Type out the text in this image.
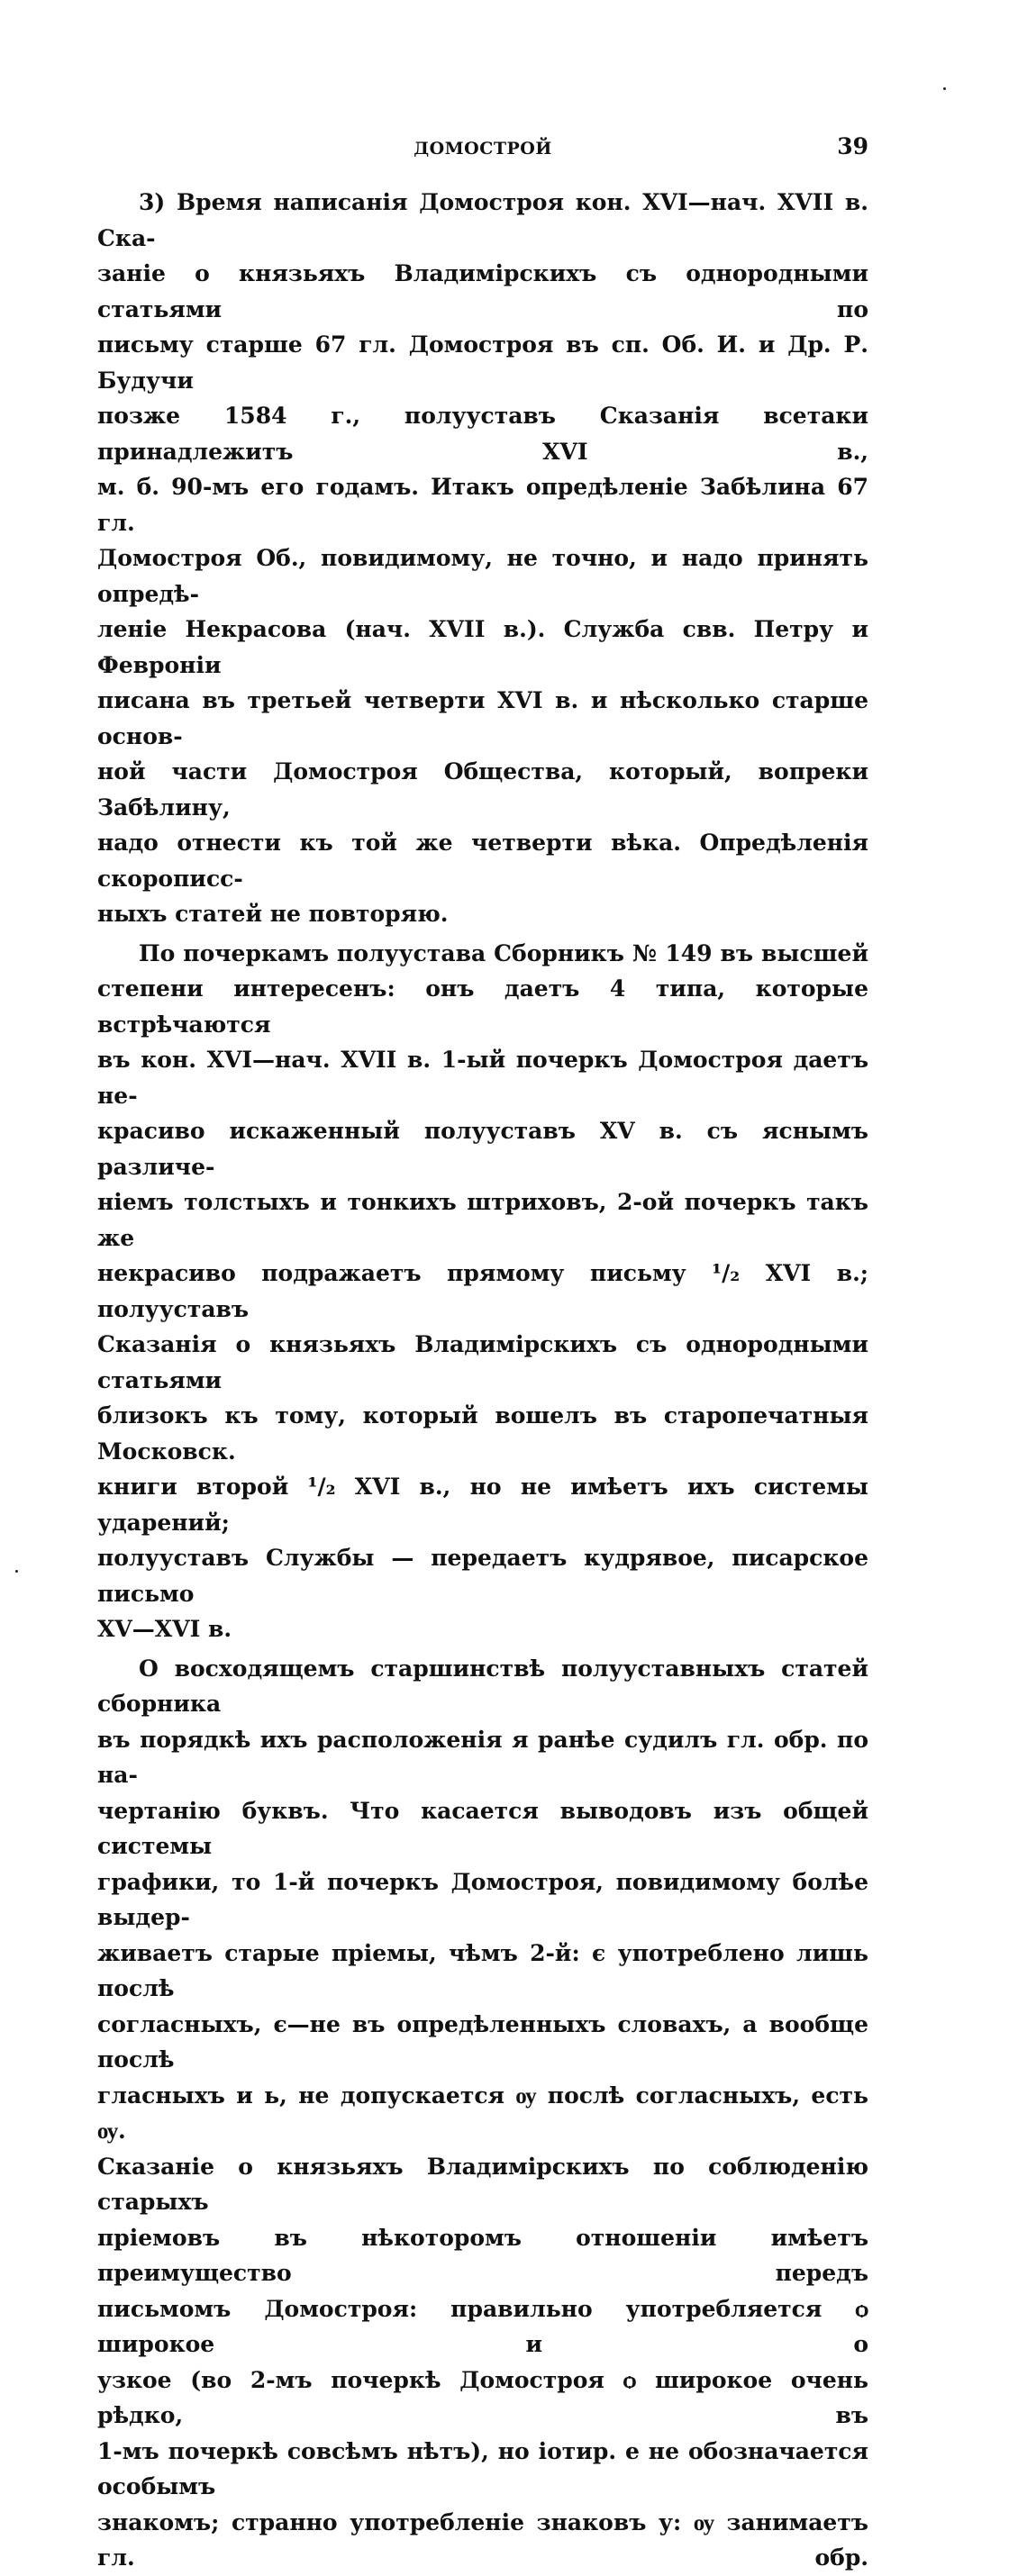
ДОМОСТРОЙ	39

3) Время написанія Домостроя кон. XVI—нач. XVII в. Ска-

заніе о князьяхъ Владимірскихъ съ однородными статьями по

письму старше 67 гл. Домостроя въ сп. Об. И. и Др. Р. Будучи

позже 1584 г., полууставъ Сказанія всетаки принадлежитъ XVI в.,

м. б. 90-мъ его годамъ. Итакъ опредѣленіе Забѣлина 67 гл.

Домостроя Об., повидимому, не точно, и надо принять опредѣ-

леніе Некрасова (нач. XVII в.). Служба свв. Петру и Февроніи

писана въ третьей четверти XVI в. и нѣсколько старше основ-

ной части Домостроя Общества, который, вопреки Забѣлину,

надо отнести къ той же четверти вѣка. Опредѣленія скорописс-

ныхъ статей не повторяю.

По почеркамъ полуустава Сборникъ № 149 въ высшей

степени интересенъ: онъ даетъ 4 типа, которые встрѣчаются

въ кон. XVI—нач. XVII в. 1-ый почеркъ Домостроя даетъ не-

красиво искаженный полууставъ XV в. съ яснымъ различе-

ніемъ толстыхъ и тонкихъ штриховъ, 2-ой почеркъ такъ же

некрасиво подражаетъ прямому письму ¹/₂ XVI в.; полууставъ

Сказанія о князьяхъ Владимірскихъ съ однородными статьями

близокъ къ тому, который вошелъ въ старопечатныя Московск.

книги второй ¹/₂ XVI в., но не имѣетъ ихъ системы ударений;

полууставъ Службы — передаетъ кудрявое, писарское письмо

XV—XVI в.

О восходящемъ старшинствѣ полууставныхъ статей сборника

въ порядкѣ ихъ расположенія я ранѣе судилъ гл. обр. по на-

чертанію буквъ. Что касается выводовъ изъ общей системы

графики, то 1-й почеркъ Домостроя, повидимому болѣе выдер-

живаетъ старые пріемы, чѣмъ 2-й: є употреблено лишь послѣ

согласныхъ, є—не въ опредѣленныхъ словахъ, а вообще послѣ

гласныхъ и ь, не допускается ѹ послѣ согласныхъ, есть ѹ.

Сказаніе о князьяхъ Владимірскихъ по соблюденію старыхъ

пріемовъ въ нѣкоторомъ отношеніи имѣетъ преимущество передъ

письмомъ Домостроя: правильно употребляется ѻ широкое и о

узкое (во 2-мъ почеркѣ Домостроя ѻ широкое очень рѣдко, въ

1-мъ почеркѣ совсѣмъ нѣтъ), но іотир. е не обозначается особымъ

знакомъ; странно употребленіе знаковъ у: ѹ занимаетъ гл. обр.
